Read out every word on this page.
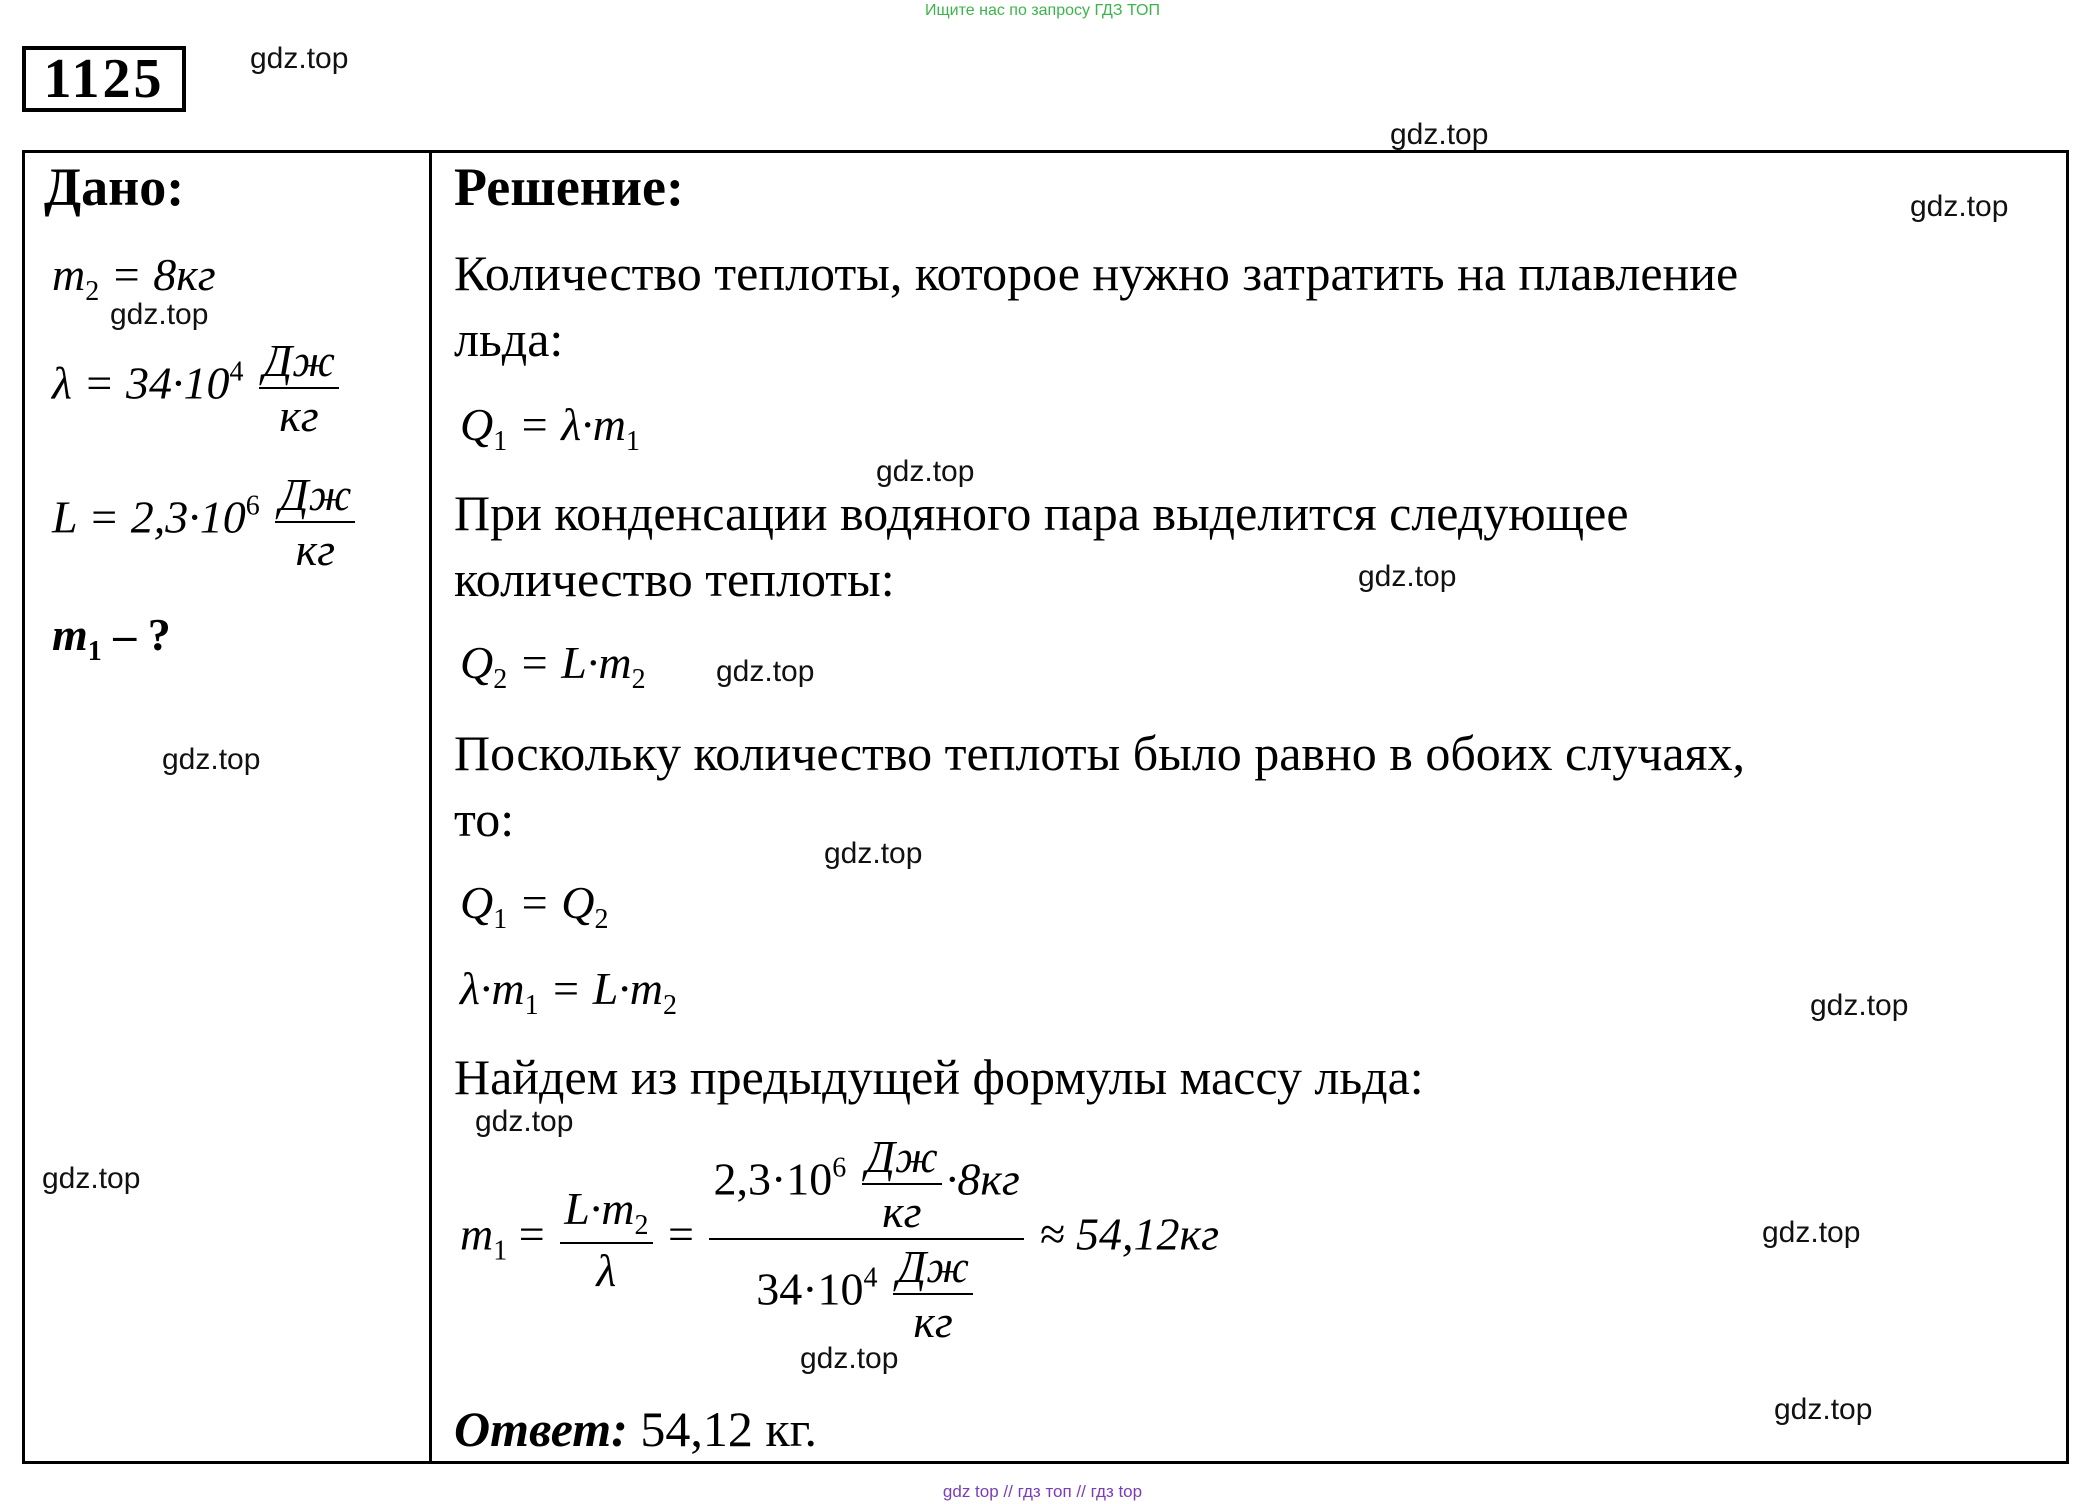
Ищите нас по запросу ГДЗ ТОП
1125	gdz.top
gdz.top
gdz.top
gdz.top
gdz.top
gdz.top
gdz.top
gdz.top
gdz.top
gdz.top
gdz.top
gdz.top
gdz.top
gdz.top
gdz.top
Дано:
$m_2 = 8кг$
$\lambda = 34\cdot 10^4 \frac{Дж}{кг}$
$L = 2,3\cdot 10^6 \frac{Дж}{кг}$
$m_1$ – ?
Решение:
Количество теплоты, которое нужно затратить на плавление
льда:
$Q_1 = \lambda\cdot m_1$
При конденсации водяного пара выделится следующее
количество теплоты:
$Q_2 = L\cdot m_2$
Поскольку количество теплоты было равно в обоих случаях,
то:
$Q_1 = Q_2$
$\lambda\cdot m_1 = L\cdot m_2$
Найдем из предыдущей формулы массу льда:
$m_1 = \frac{L\cdot m_2}{\lambda} = \frac{2,3\cdot 10^6 \frac{Дж}{кг} \cdot 8кг}{34\cdot 10^4 \frac{Дж}{кг}} \approx 54,12кг$
Ответ: 54,12 кг.
gdz top // гдз топ // гдз top
